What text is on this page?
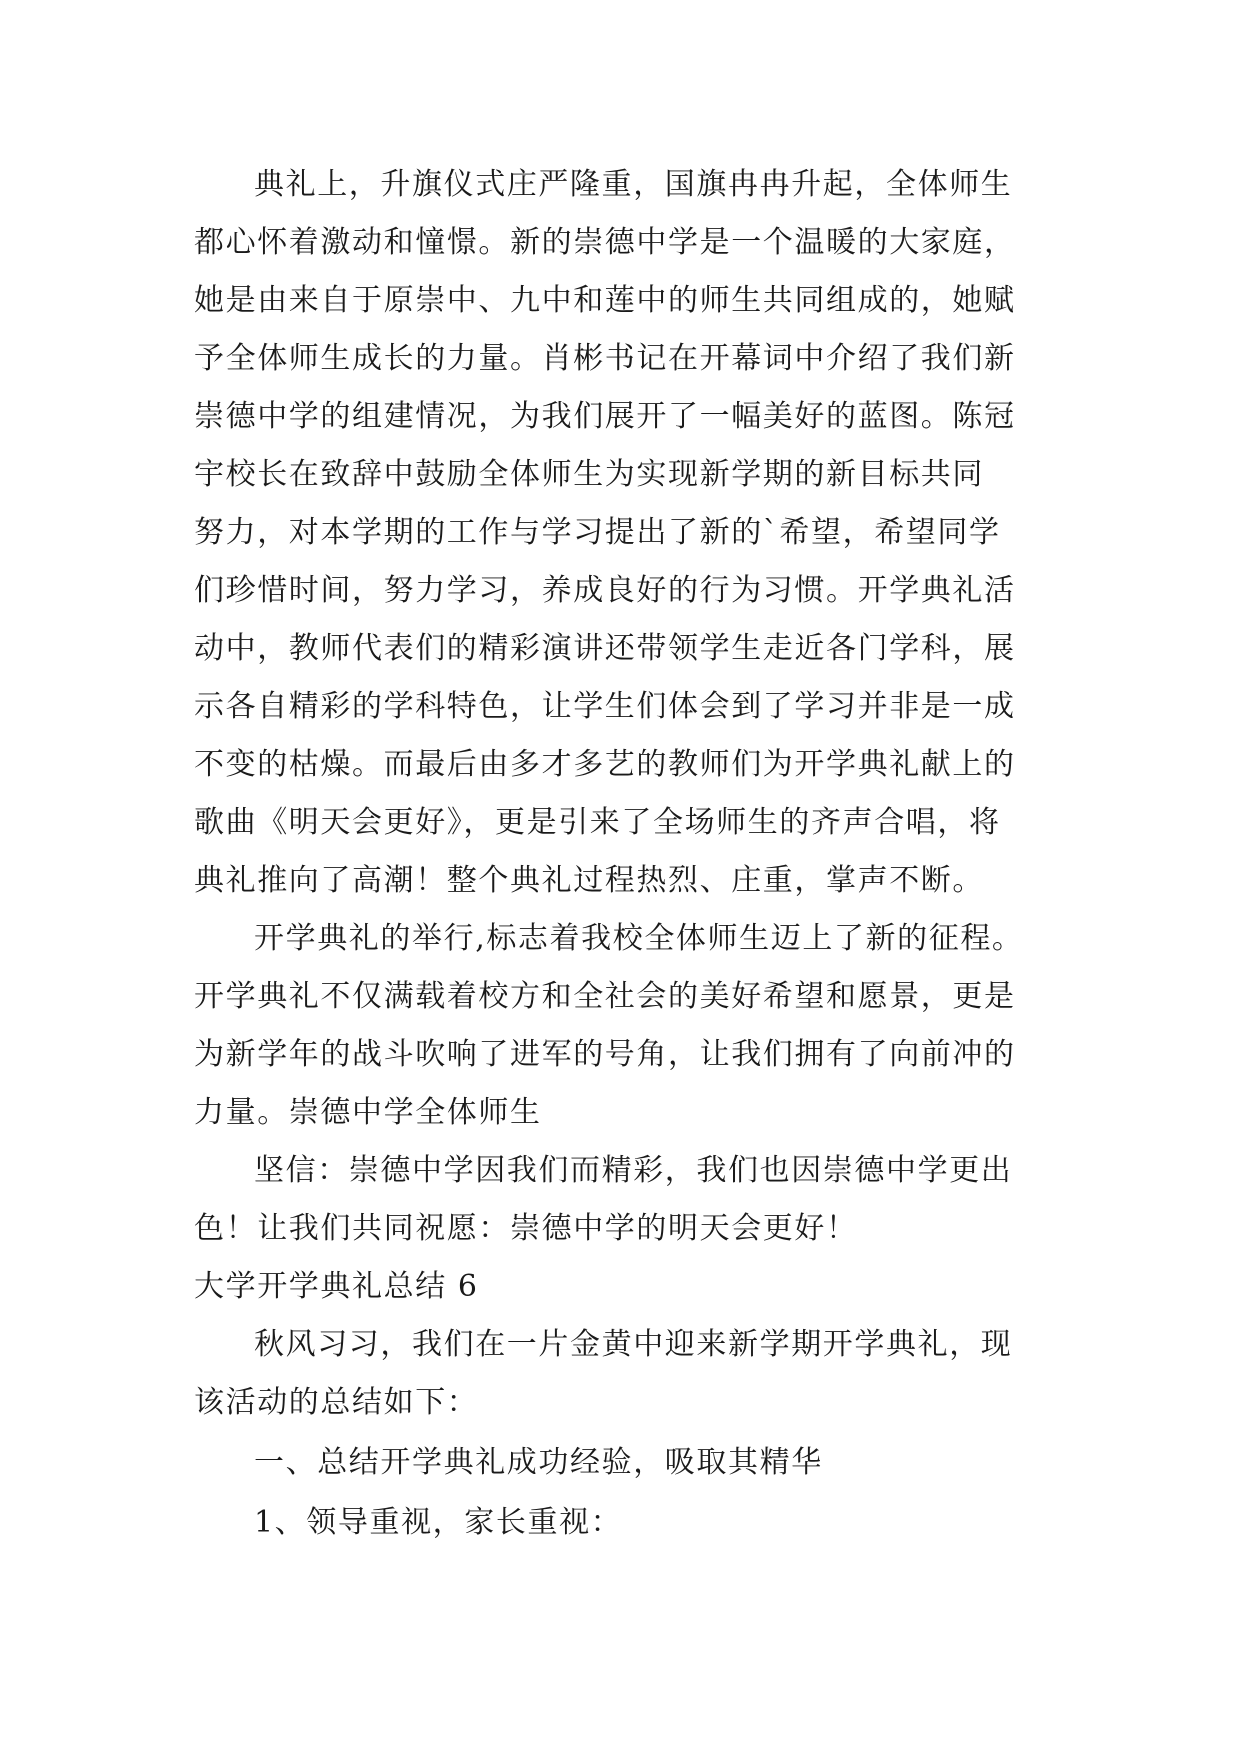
典礼上，升旗仪式庄严隆重，国旗冉冉升起，全体师生
都心怀着激动和憧憬。新的崇德中学是一个温暖的大家庭，
她是由来自于原崇中、九中和莲中的师生共同组成的，她赋
予全体师生成长的力量。肖彬书记在开幕词中介绍了我们新
崇德中学的组建情况，为我们展开了一幅美好的蓝图。陈冠
宇校长在致辞中鼓励全体师生为实现新学期的新目标共同
努力，对本学期的工作与学习提出了新的`希望，希望同学
们珍惜时间，努力学习，养成良好的行为习惯。开学典礼活
动中，教师代表们的精彩演讲还带领学生走近各门学科，展
示各自精彩的学科特色，让学生们体会到了学习并非是一成
不变的枯燥。而最后由多才多艺的教师们为开学典礼献上的
歌曲《明天会更好》，更是引来了全场师生的齐声合唱，将
典礼推向了高潮！整个典礼过程热烈、庄重，掌声不断。
开学典礼的举行,标志着我校全体师生迈上了新的征程。
开学典礼不仅满载着校方和全社会的美好希望和愿景，更是
为新学年的战斗吹响了进军的号角，让我们拥有了向前冲的
力量。崇德中学全体师生
坚信：崇德中学因我们而精彩，我们也因崇德中学更出
色！让我们共同祝愿：崇德中学的明天会更好！
大学开学典礼总结 6
秋风习习，我们在一片金黄中迎来新学期开学典礼，现
该活动的总结如下：
一、总结开学典礼成功经验，吸取其精华
1、领导重视，家长重视：
